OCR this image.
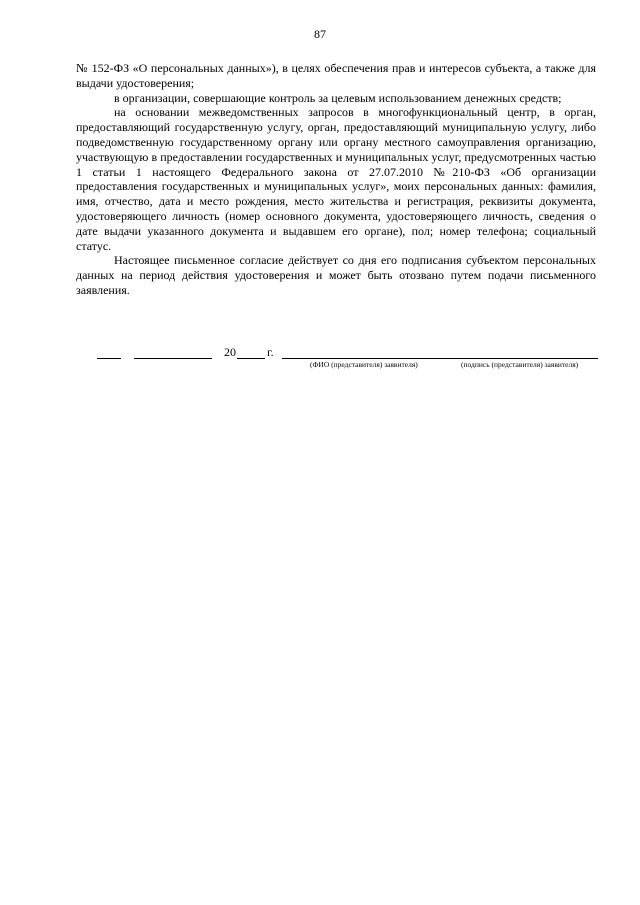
87

№ 152-ФЗ «О персональных данных»), в целях обеспечения прав и интересов субъекта, а также для выдачи удостоверения;

в организации, совершающие контроль за целевым использованием денежных средств;

на основании межведомственных запросов в многофункциональный центр, в орган, предоставляющий государственную услугу, орган, предоставляющий муниципальную услугу, либо подведомственную государственному органу или органу местного самоуправления организацию, участвующую в предоставлении государственных и муниципальных услуг, предусмотренных частью 1 статьи 1 настоящего Федерального закона от 27.07.2010 №210-ФЗ «Об организации предоставления государственных и муниципальных услуг», моих персональных данных: фамилия, имя, отчество, дата и место рождения, место жительства и регистрация, реквизиты документа, удостоверяющего личность (номер основного документа, удостоверяющего личность, сведения о дате выдачи указанного документа и выдавшем его органе), пол; номер телефона; социальный статус.

Настоящее письменное согласие действует со дня его подписания субъектом персональных данных на период действия удостоверения и может быть отозвано путем подачи письменного заявления.

20	г.
(ФИО (представителя) заявителя)	(подпись (представителя) заявителя)
